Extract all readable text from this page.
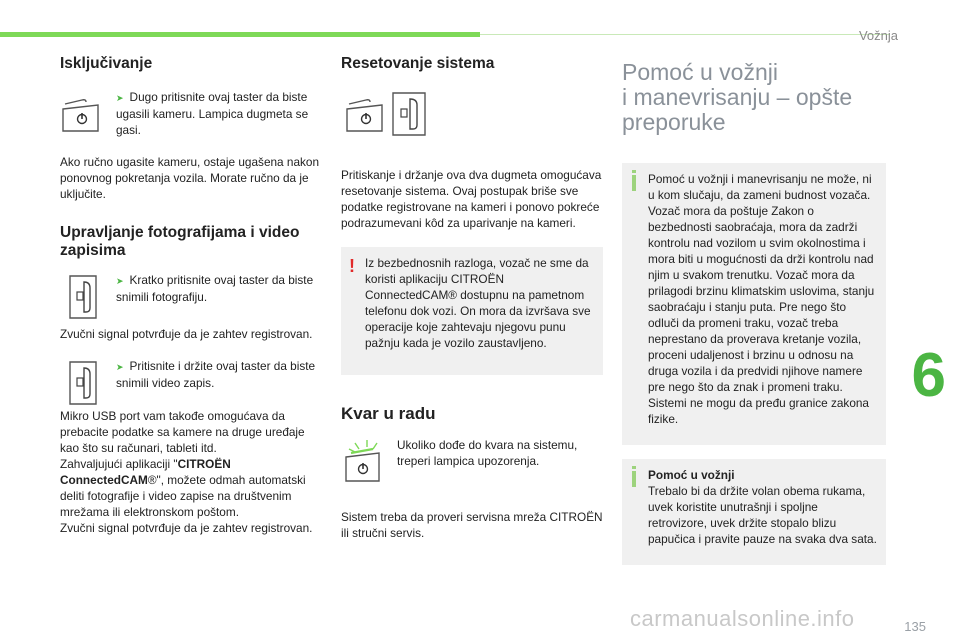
Vožnja
6
carmanualsonline.info	135
Isključivanje
➤ Dugo pritisnite ovaj taster da biste ugasili kameru. Lampica dugmeta se gasi.

Ako ručno ugasite kameru, ostaje ugašena nakon ponovnog pokretanja vozila. Morate ručno da je uključite.

Upravljanje fotografijama i video zapisima
➤ Kratko pritisnite ovaj taster da biste snimili fotografiju.

Zvučni signal potvrđuje da je zahtev registrovan.

➤ Pritisnite i držite ovaj taster da biste snimili video zapis.

Mikro USB port vam takođe omogućava da prebacite podatke sa kamere na druge uređaje kao što su računari, tableti itd.

Zahvaljujući aplikaciji "CITROËN ConnectedCAM®", možete odmah automatski deliti fotografije i video zapise na društvenim mrežama ili elektronskom poštom.

Zvučni signal potvrđuje da je zahtev registrovan.

Resetovanje sistema

Pritiskanje i držanje ova dva dugmeta omogućava resetovanje sistema. Ovaj postupak briše sve podatke registrovane na kameri i ponovo pokreće podrazumevani kôd za uparivanje na kameri.

! Iz bezbednosnih razloga, vozač ne sme da koristi aplikaciju CITROËN ConnectedCAM® dostupnu na pametnom telefonu dok vozi. On mora da izvršava sve operacije koje zahtevaju njegovu punu pažnju kada je vozilo zaustavljeno.

Kvar u radu
Ukoliko dođe do kvara na sistemu, treperi lampica upozorenja.

Sistem treba da proveri servisna mreža CITROËN ili stručni servis.

Pomoć u vožnji
i manevrisanju – opšte
preporuke

Pomoć u vožnji i manevrisanju ne može, ni u kom slučaju, da zameni budnost vozača. Vozač mora da poštuje Zakon o bezbednosti saobraćaja, mora da zadrži kontrolu nad vozilom u svim okolnostima i mora biti u mogućnosti da drži kontrolu nad njim u svakom trenutku. Vozač mora da prilagodi brzinu klimatskim uslovima, stanju saobraćaju i stanju puta. Pre nego što odluči da promeni traku, vozač treba neprestano da proverava kretanje vozila, proceni udaljenost i brzinu u odnosu na druga vozila i da predvidi njihove namere pre nego što da znak i promeni traku. Sistemi ne mogu da pređu granice zakona fizike.

Pomoć u vožnji

Trebalo bi da držite volan obema rukama, uvek koristite unutrašnji i spoljne retrovizore, uvek držite stopalo blizu papučica i pravite pauze na svaka dva sata.
